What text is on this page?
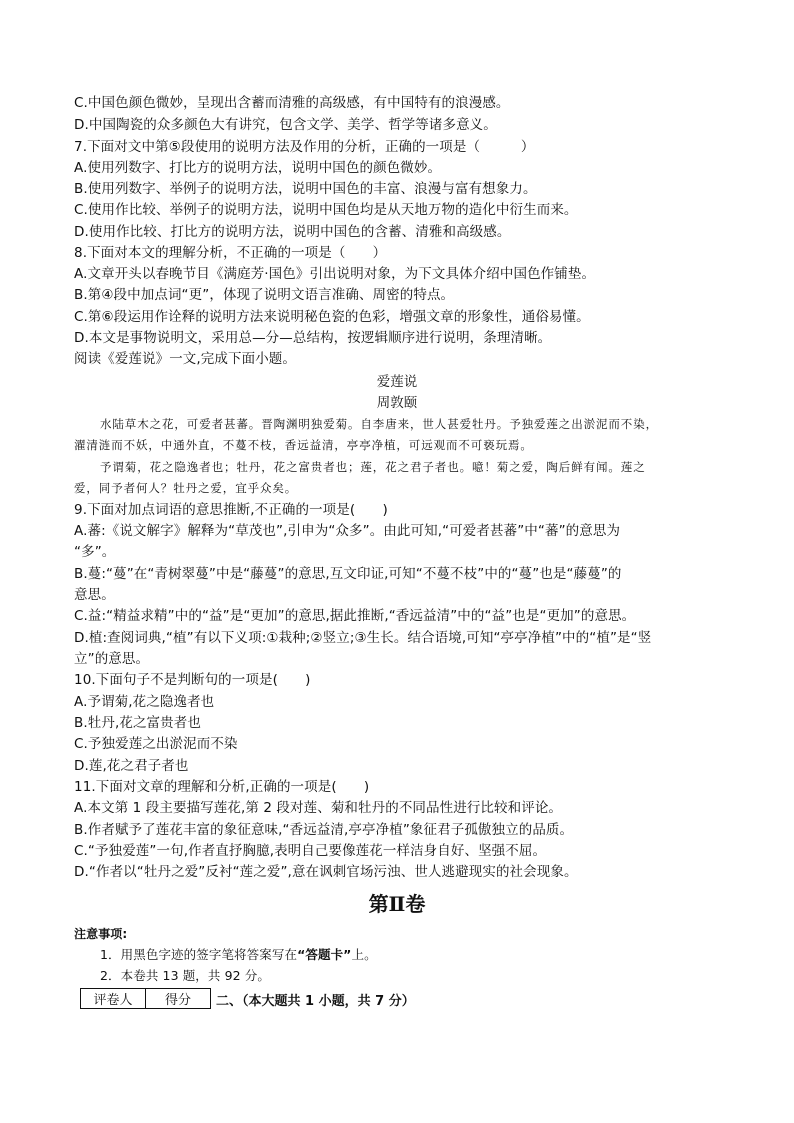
C.中国色颜色微妙，呈现出含蓄而清雅的高级感，有中国特有的浪漫感。
D.中国陶瓷的众多颜色大有讲究，包含文学、美学、哲学等诸多意义。
7.下面对文中第⑤段使用的说明方法及作用的分析，正确的一项是（　　　）
A.使用列数字、打比方的说明方法，说明中国色的颜色微妙。
B.使用列数字、举例子的说明方法，说明中国色的丰富、浪漫与富有想象力。
C.使用作比较、举例子的说明方法，说明中国色均是从天地万物的造化中衍生而来。
D.使用作比较、打比方的说明方法，说明中国色的含蓄、清雅和高级感。
8.下面对本文的理解分析，不正确的一项是（　　）
A.文章开头以春晚节目《满庭芳·国色》引出说明对象，为下文具体介绍中国色作铺垫。
B.第④段中加点词“更”，体现了说明文语言准确、周密的特点。
C.第⑥段运用作诠释的说明方法来说明秘色瓷的色彩，增强文章的形象性，通俗易懂。
D.本文是事物说明文，采用总—分—总结构，按逻辑顺序进行说明，条理清晰。
阅读《爱莲说》一文,完成下面小题。
爱莲说
周敦颐
水陆草木之花，可爱者甚蕃。晋陶渊明独爱菊。自李唐来，世人甚爱牡丹。予独爱莲之出淤泥而不染，
濯清涟而不妖，中通外直，不蔓不枝，香远益清，亭亭净植，可远观而不可亵玩焉。
予谓菊，花之隐逸者也；牡丹，花之富贵者也；莲，花之君子者也。噫！菊之爱，陶后鲜有闻。莲之
爱，同予者何人？牡丹之爱，宜乎众矣。
9.下面对加点词语的意思推断,不正确的一项是(　　)
A.蕃:《说文解字》解释为“草茂也”,引申为“众多”。由此可知,“可爱者甚蕃”中“蕃”的意思为
“多”。
B.蔓:“蔓”在“青树翠蔓”中是“藤蔓”的意思,互文印证,可知“不蔓不枝”中的“蔓”也是“藤蔓”的
意思。
C.益:“精益求精”中的“益”是“更加”的意思,据此推断,“香远益清”中的“益”也是“更加”的意思。
D.植:查阅词典,“植”有以下义项:①栽种;②竖立;③生长。结合语境,可知“亭亭净植”中的“植”是“竖
立”的意思。
10.下面句子不是判断句的一项是(　　)
A.予谓菊,花之隐逸者也
B.牡丹,花之富贵者也
C.予独爱莲之出淤泥而不染
D.莲,花之君子者也
11.下面对文章的理解和分析,正确的一项是(　　)
A.本文第 1 段主要描写莲花,第 2 段对莲、菊和牡丹的不同品性进行比较和评论。
B.作者赋予了莲花丰富的象征意味,“香远益清,亭亭净植”象征君子孤傲独立的品质。
C.“予独爱莲”一句,作者直抒胸臆,表明自己要像莲花一样洁身自好、坚强不屈。
D.“作者以“牡丹之爱”反衬“莲之爱”,意在讽刺官场污浊、世人逃避现实的社会现象。
第Ⅱ卷
注意事项:
1．用黑色字迹的签字笔将答案写在“答题卡”上。
2．本卷共 13 题，共 92 分。
评卷人	得分 二、（本大题共 1 小题，共 7 分）
